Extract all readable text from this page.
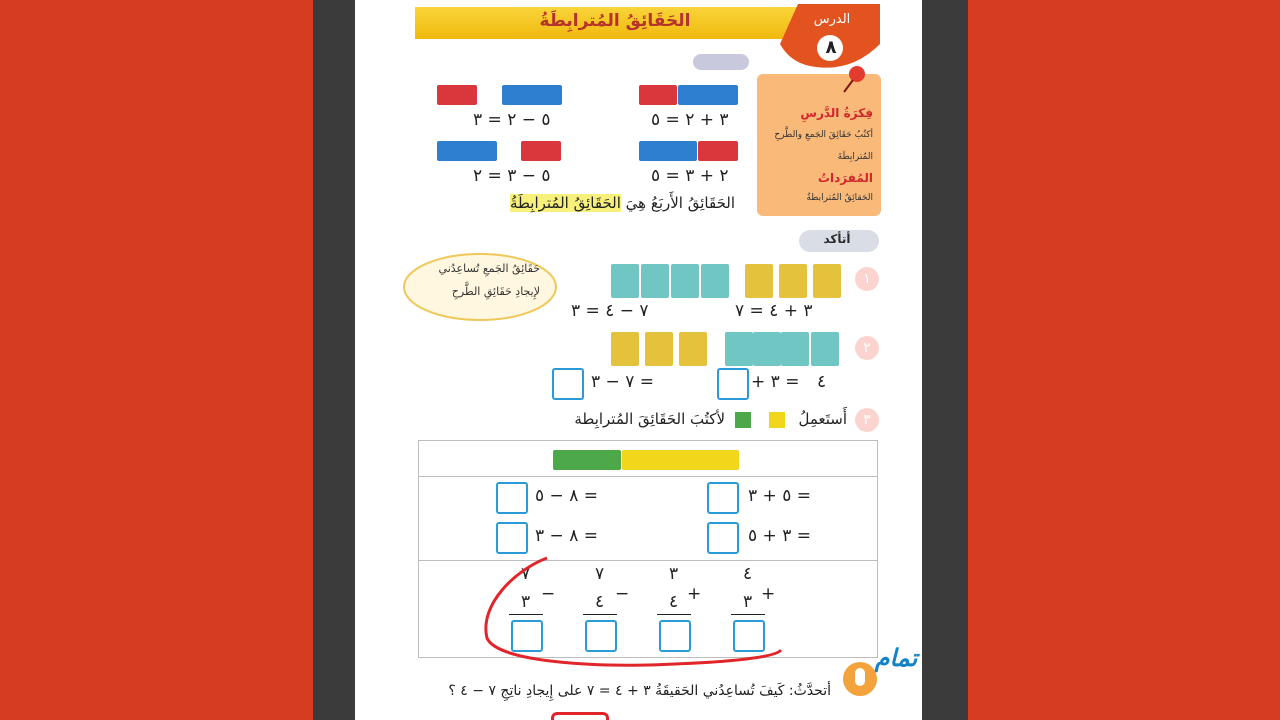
الحَقَائِقُ المُترابِطَةُ	الدرس
٨
فِكرَةُ الدَّرسِ
أكتُبُ حَقَائِقَ الجَمعِ والطَّرحِ
المُترابِطَةَ
المُفرَداتُ
الحَقائِقُ المُترابطةُ
٣ + ٢ = ٥
٥ − ٢ = ٣
٢ + ٣ = ٥
٥ − ٣ = ٢
الحَقَائِقُ الأَربَعُ هِيَ الحَقَائِقُ المُترابِطَةُ
أتأكد
حَقَائِقُ الجَمعِ تُساعِدُني
لإِيجادِ حَقَائِقِ الطَّرحِ
١
٣ + ٤ = ٧
٧ − ٤ = ٣
٢
+ ٣ = ٤
٧ − ٣ =
٣
أَستَعمِلُ
لأكتُبَ الحَقَائِقَ المُترابِطة
٥ + ٣ =
٨ − ٥ =
٣ + ٥ =
٨ − ٣ =
٤
+
٣
٣
+
٤
٧
−
٤
٧
−
٣
تمام
أتحدَّثُ: كَيفَ تُساعِدُني الحَقيقَةُ ٣ + ٤ = ٧ على إِيجادِ ناتِجِ ٧ − ٤ ؟
